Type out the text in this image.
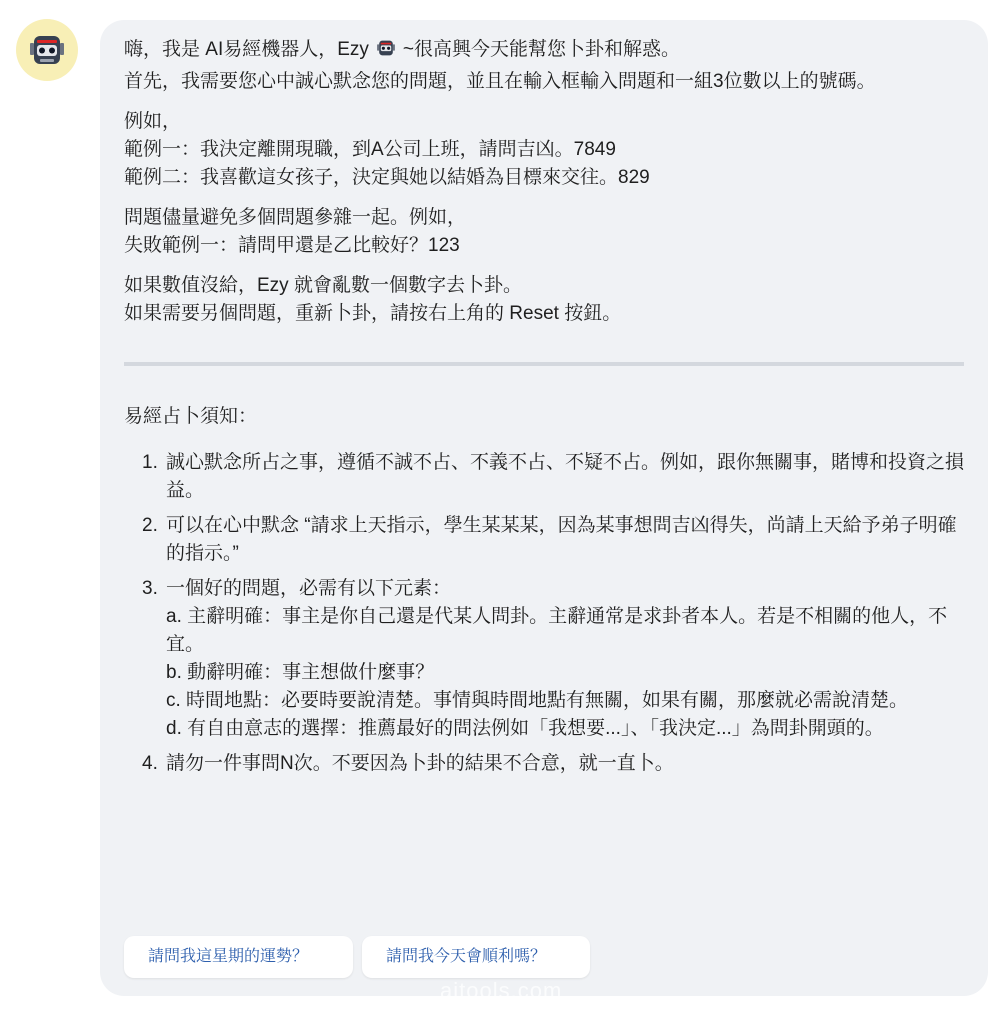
嗨，我是 AI易經機器人，Ezy ~很高興今天能幫您卜卦和解惑。
首先，我需要您心中誠心默念您的問題，並且在輸入框輸入問題和一組3位數以上的號碼。

例如，
範例一：我決定離開現職，到A公司上班，請問吉凶。7849
範例二：我喜歡這女孩子，決定與她以結婚為目標來交往。829

問題儘量避免多個問題參雜一起。例如，
失敗範例一：請問甲還是乙比較好？123

如果數值沒給，Ezy 就會亂數一個數字去卜卦。
如果需要另個問題，重新卜卦，請按右上角的 Reset 按鈕。

易經占卜須知：

1. 誠心默念所占之事，遵循不誠不占、不義不占、不疑不占。例如，跟你無關事，賭博和投資之損益。
2. 可以在心中默念 “請求上天指示，學生某某某，因為某事想問吉凶得失，尚請上天給予弟子明確的指示。”
3. 一個好的問題，必需有以下元素：
a. 主辭明確：事主是你自己還是代某人問卦。主辭通常是求卦者本人。若是不相關的他人，不宜。
b. 動辭明確：事主想做什麼事？
c. 時間地點：必要時要說清楚。事情與時間地點有無關，如果有關，那麼就必需說清楚。
d. 有自由意志的選擇：推薦最好的問法例如「我想要...」、「我決定...」為問卦開頭的。
4. 請勿一件事問N次。不要因為卜卦的結果不合意，就一直卜。
請問我這星期的運勢？	請問我今天會順利嗎？
aitools.com
